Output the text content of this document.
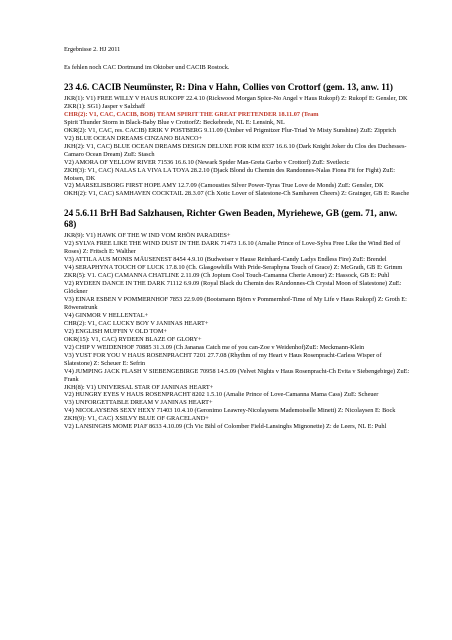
Ergebnisse 2. HJ 2011

Es fehlen noch CAC Dortmund im Oktober und CACIB Rostock.

23 4.6. CACIB Neumünster, R: Dina v Hahn, Collies von Crottorf (gem. 13, anw. 11)
JKR(1): V1) FREE WILLY V HAUS RUKOPF 22.4.10 (Rickwood Morgan Spice-No Angel v Haus Rukopf) Z: Rukopf E: Gensler, DK
ZKR(1): SG1) Jasper v Salzhaff
CHR(2): V1, CAC, CACIB, BOB) TEAM SPIRIT THE GREAT PRETENDER 18.11.07 (Team
Spirit Thunder Storm in Black-Baby Blue v CrottorfZ: Beckebrede, NL E: Lensink, NL
OKR(2): V1, CAC, res. CACIB) ERIK V POSTBERG 9.11.09 (Umber vd Prigmitzer Flur-Triad Ye Misty Sunshine) ZuE: Zipprich
V2) BLUE OCEAN DREAMS CINZANO BIANCO+
JKH(2): V1, CAC) BLUE OCEAN DREAMS DESIGN DELUXE FOR KIM 8337 16.6.10 (Dark Knight Joker du Clos des Duchesses-Camaro Ocean Dream) ZuE: Stasch
V2) AMORA OF YELLOW RIVER 71536 16.6.10 (Newark Spider Man-Greta Garbo v Crottorf) ZuE: Svetlecic
ZKH(3): V1, CAC) NALAS LA VIVA LA TOYA 28.2.10 (Djack Blond du Chemin des Randonnes-Nalas Fiona Fit for Fight) ZuE: Moisen, DK
V2) MARSELISBORG FIRST HOPE AMY 12.7.09 (Camousties Silver Power-Tyras True Love de Monds) ZuE: Gensler, DK
OKH(2): V1, CAC) SAMHAVEN COCKTAIL 28.3.07 (Ch Xotic Lover of Slatestone-Ch Samhaven Cheers) Z: Grainger, GB E: Rasche
24 5.6.11 BrH Bad Salzhausen, Richter Gwen Beaden, Myriehewe, GB (gem. 71, anw. 68)
JKR(9): V1) HAWK OF THE W IND VOM RHÖN PARADIES+
V2) SYLVA FREE LIKE THE WIND DUST IN THE DARK 71473 1.6.10 (Amalie Prince of Love-Sylva Free Like the Wind Bed of Roses) Z: Fritsch E: Walther
V3) ATTILA AUS MONIS MÄUSENEST 8454 4.9.10 (Budweiser v Hause Reinhard-Candy Ladys Endless Fire) ZuE: Brendel
V4) SERAPHYNA TOUCH OF LUCK 17.8.10 (Ch. Glasgowhills With Pride-Seraphyna Touch of Grace) Z: McGrath, GB E: Grimm
ZKR(5): V1. CAC) CAMANNA CHATLINE 2.11.09 (Ch Jopium Cool Touch-Camanna Cherie Amour) Z: Hassock, GB E: Puhl
V2) RYDEEN DANCE IN THE DARK 71112 6.9.09 (Royal Black du Chemin des RAndonnes-Ch Crystal Moon of Slatestone) ZuE: Glöckner
V3) EINAR ESBEN V POMMERNHOF 7853 22.9.09 (Bootsmann Björn v Pommernhof-Time of My Life v Haus Rukopf) Z: Groth E: Röwenstrunk
V4) GINMOR V HELLENTAL+
CHR(2): V1, CAC LUCKY BOY V JANINAS HEART+
V2) ENGLISH MUFFIN V OLD TOM+
OKR(15): V1, CAC) RYDEEN BLAZE OF GLORY+
V2) CHIP V WEIDENHOF 70885 31.3.09 (Ch Jananas Catch me of you can-Zoe v Weidenhof)ZuE: Meckmann-Klein
V3) YUST FOR YOU V HAUS ROSENPRACHT 7201 27.7.08 (Rhythm of my Heart v Haus Rosenpracht-Carless Wisper of Slatestone) Z: Scheuer E: Sefrin
V4) JUMPING JACK FLASH V SIEBENGEBIRGE 70958 14.5.09 (Velvet Nights v Haus Rosenpracht-Ch Evita v Siebengebirge) ZuE: Frank
JKH(8): V1) UNIVERSAL STAR OF JANINAS HEART+
V2) HUNGRY EYES V HAUS ROSENPRACHT 8202 1.5.10 (Amalie Prince of Love-Camanna Mama Cass) ZuE: Scheuer
V3) UNFORGETTABLE DREAM V JANINAS HEART+
V4) NICOLAYSENS SEXY HEXY 71403 10.4.10 (Geronimo Leawrey-Nicolaysens Mademoiselle Minett) Z: Nicolaysen E: Bock
ZKH(9): V1, CAC) XSILVY BLUE OF GRACELAND+
V2) LANSINGHS MOME PIAF 8633 4.10.09 (Ch Vic Bihl of Colomber Field-Lansinghs Mignonette) Z: de Leers, NL E: Puhl
